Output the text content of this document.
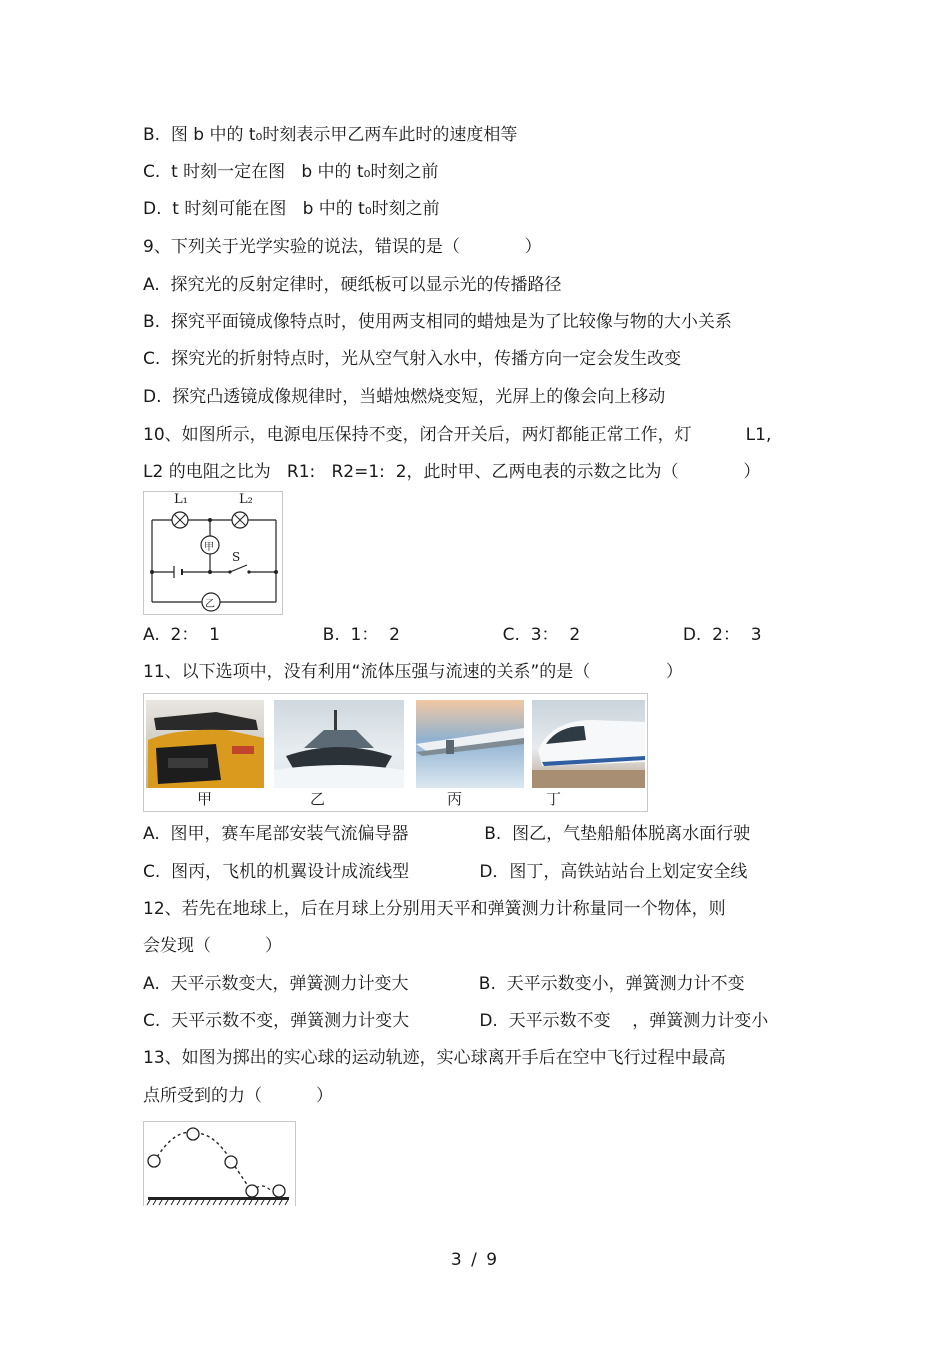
B.  图 b 中的 t₀时刻表示甲乙两车此时的速度相等
C.  t 时刻一定在图   b 中的 t₀时刻之前
D.  t 时刻可能在图   b 中的 t₀时刻之前
9、下列关于光学实验的说法，错误的是（            ）
A.  探究光的反射定律时，硬纸板可以显示光的传播路径
B.  探究平面镜成像特点时，使用两支相同的蜡烛是为了比较像与物的大小关系
C.  探究光的折射特点时，光从空气射入水中，传播方向一定会发生改变
D.  探究凸透镜成像规律时，当蜡烛燃烧变短，光屏上的像会向上移动
10、如图所示，电源电压保持不变，闭合开关后，两灯都能正常工作，灯          L1,
L2 的电阻之比为   R1:   R2=1:  2，此时甲、乙两电表的示数之比为（            ）
L₁	L₂
S
甲
乙
A.  2：  1                   B.  1：  2                   C.  3：  2                   D.  2：  3
11、以下选项中，没有利用“流体压强与流速的关系”的是（              ）
甲	乙	丙	丁
A.  图甲，赛车尾部安装气流偏导器              B.  图乙，气垫船船体脱离水面行驶
C.  图丙，飞机的机翼设计成流线型             D．图丁，高铁站站台上划定安全线
12、若先在地球上，后在月球上分别用天平和弹簧测力计称量同一个物体，则
会发现（          ）
A.  天平示数变大，弹簧测力计变大             B.  天平示数变小，弹簧测力计不变
C.  天平示数不变，弹簧测力计变大             D.  天平示数不变    ，弹簧测力计变小
13、如图为掷出的实心球的运动轨迹，实心球离开手后在空中飞行过程中最高
点所受到的力（          ）
3 / 9
